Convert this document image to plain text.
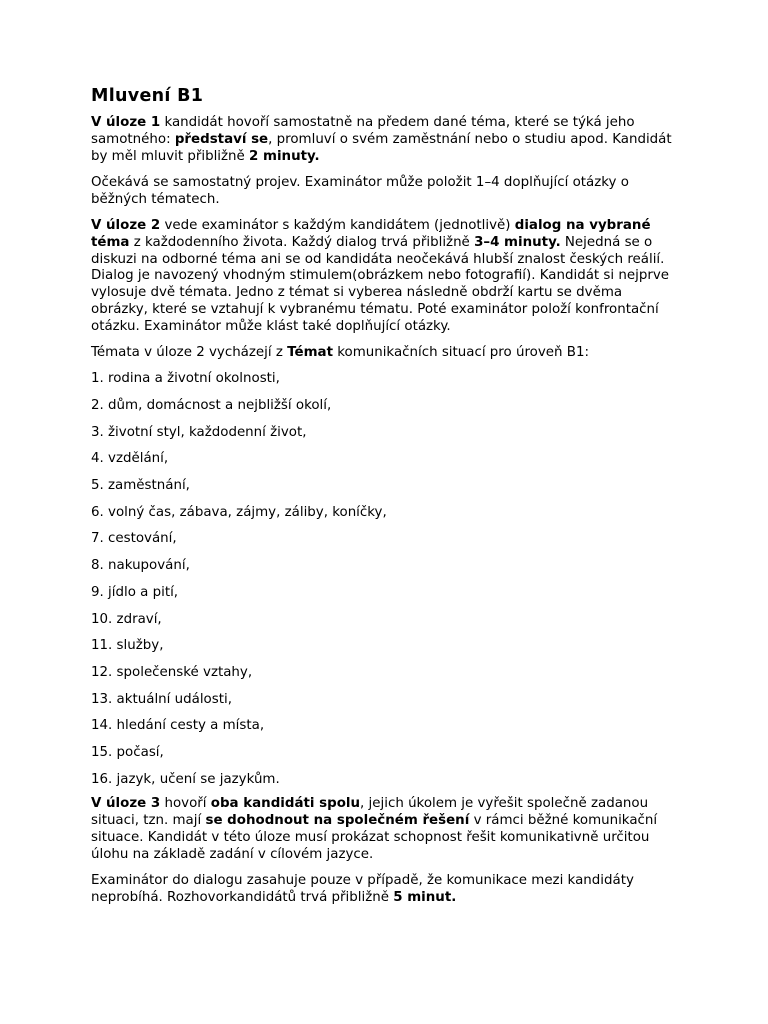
Mluvení B1

V úloze 1 kandidát hovoří samostatně na předem dané téma, které se týká jeho samotného: představí se, promluví o svém zaměstnání nebo o studiu apod. Kandidát by měl mluvit přibližně 2 minuty.

Očekává se samostatný projev. Examinátor může položit 1–4 doplňující otázky o běžných tématech.

V úloze 2 vede examinátor s každým kandidátem (jednotlivě) dialog na vybrané téma z každodenního života. Každý dialog trvá přibližně 3–4 minuty. Nejedná se o diskuzi na odborné téma ani se od kandidáta neočekává hlubší znalost českých reálií. Dialog je navozený vhodným stimulem(obrázkem nebo fotografií). Kandidát si nejprve vylosuje dvě témata. Jedno z témat si vyberea následně obdrží kartu se dvěma obrázky, které se vztahují k vybranému tématu. Poté examinátor položí konfrontační otázku. Examinátor může klást také doplňující otázky.

Témata v úloze 2 vycházejí z Témat komunikačních situací pro úroveň B1:

1. rodina a životní okolnosti,

2. dům, domácnost a nejbližší okolí,

3. životní styl, každodenní život,

4. vzdělání,

5. zaměstnání,

6. volný čas, zábava, zájmy, záliby, koníčky,

7. cestování,

8. nakupování,

9. jídlo a pití,

10. zdraví,

11. služby,

12. společenské vztahy,

13. aktuální události,

14. hledání cesty a místa,

15. počasí,

16. jazyk, učení se jazykům.

V úloze 3 hovoří oba kandidáti spolu, jejich úkolem je vyřešit společně zadanou situaci, tzn. mají se dohodnout na společném řešení v rámci běžné komunikační situace. Kandidát v této úloze musí prokázat schopnost řešit komunikativně určitou úlohu na základě zadání v cílovém jazyce.

Examinátor do dialogu zasahuje pouze v případě, že komunikace mezi kandidáty neprobíhá. Rozhovorkandidátů trvá přibližně 5 minut.
